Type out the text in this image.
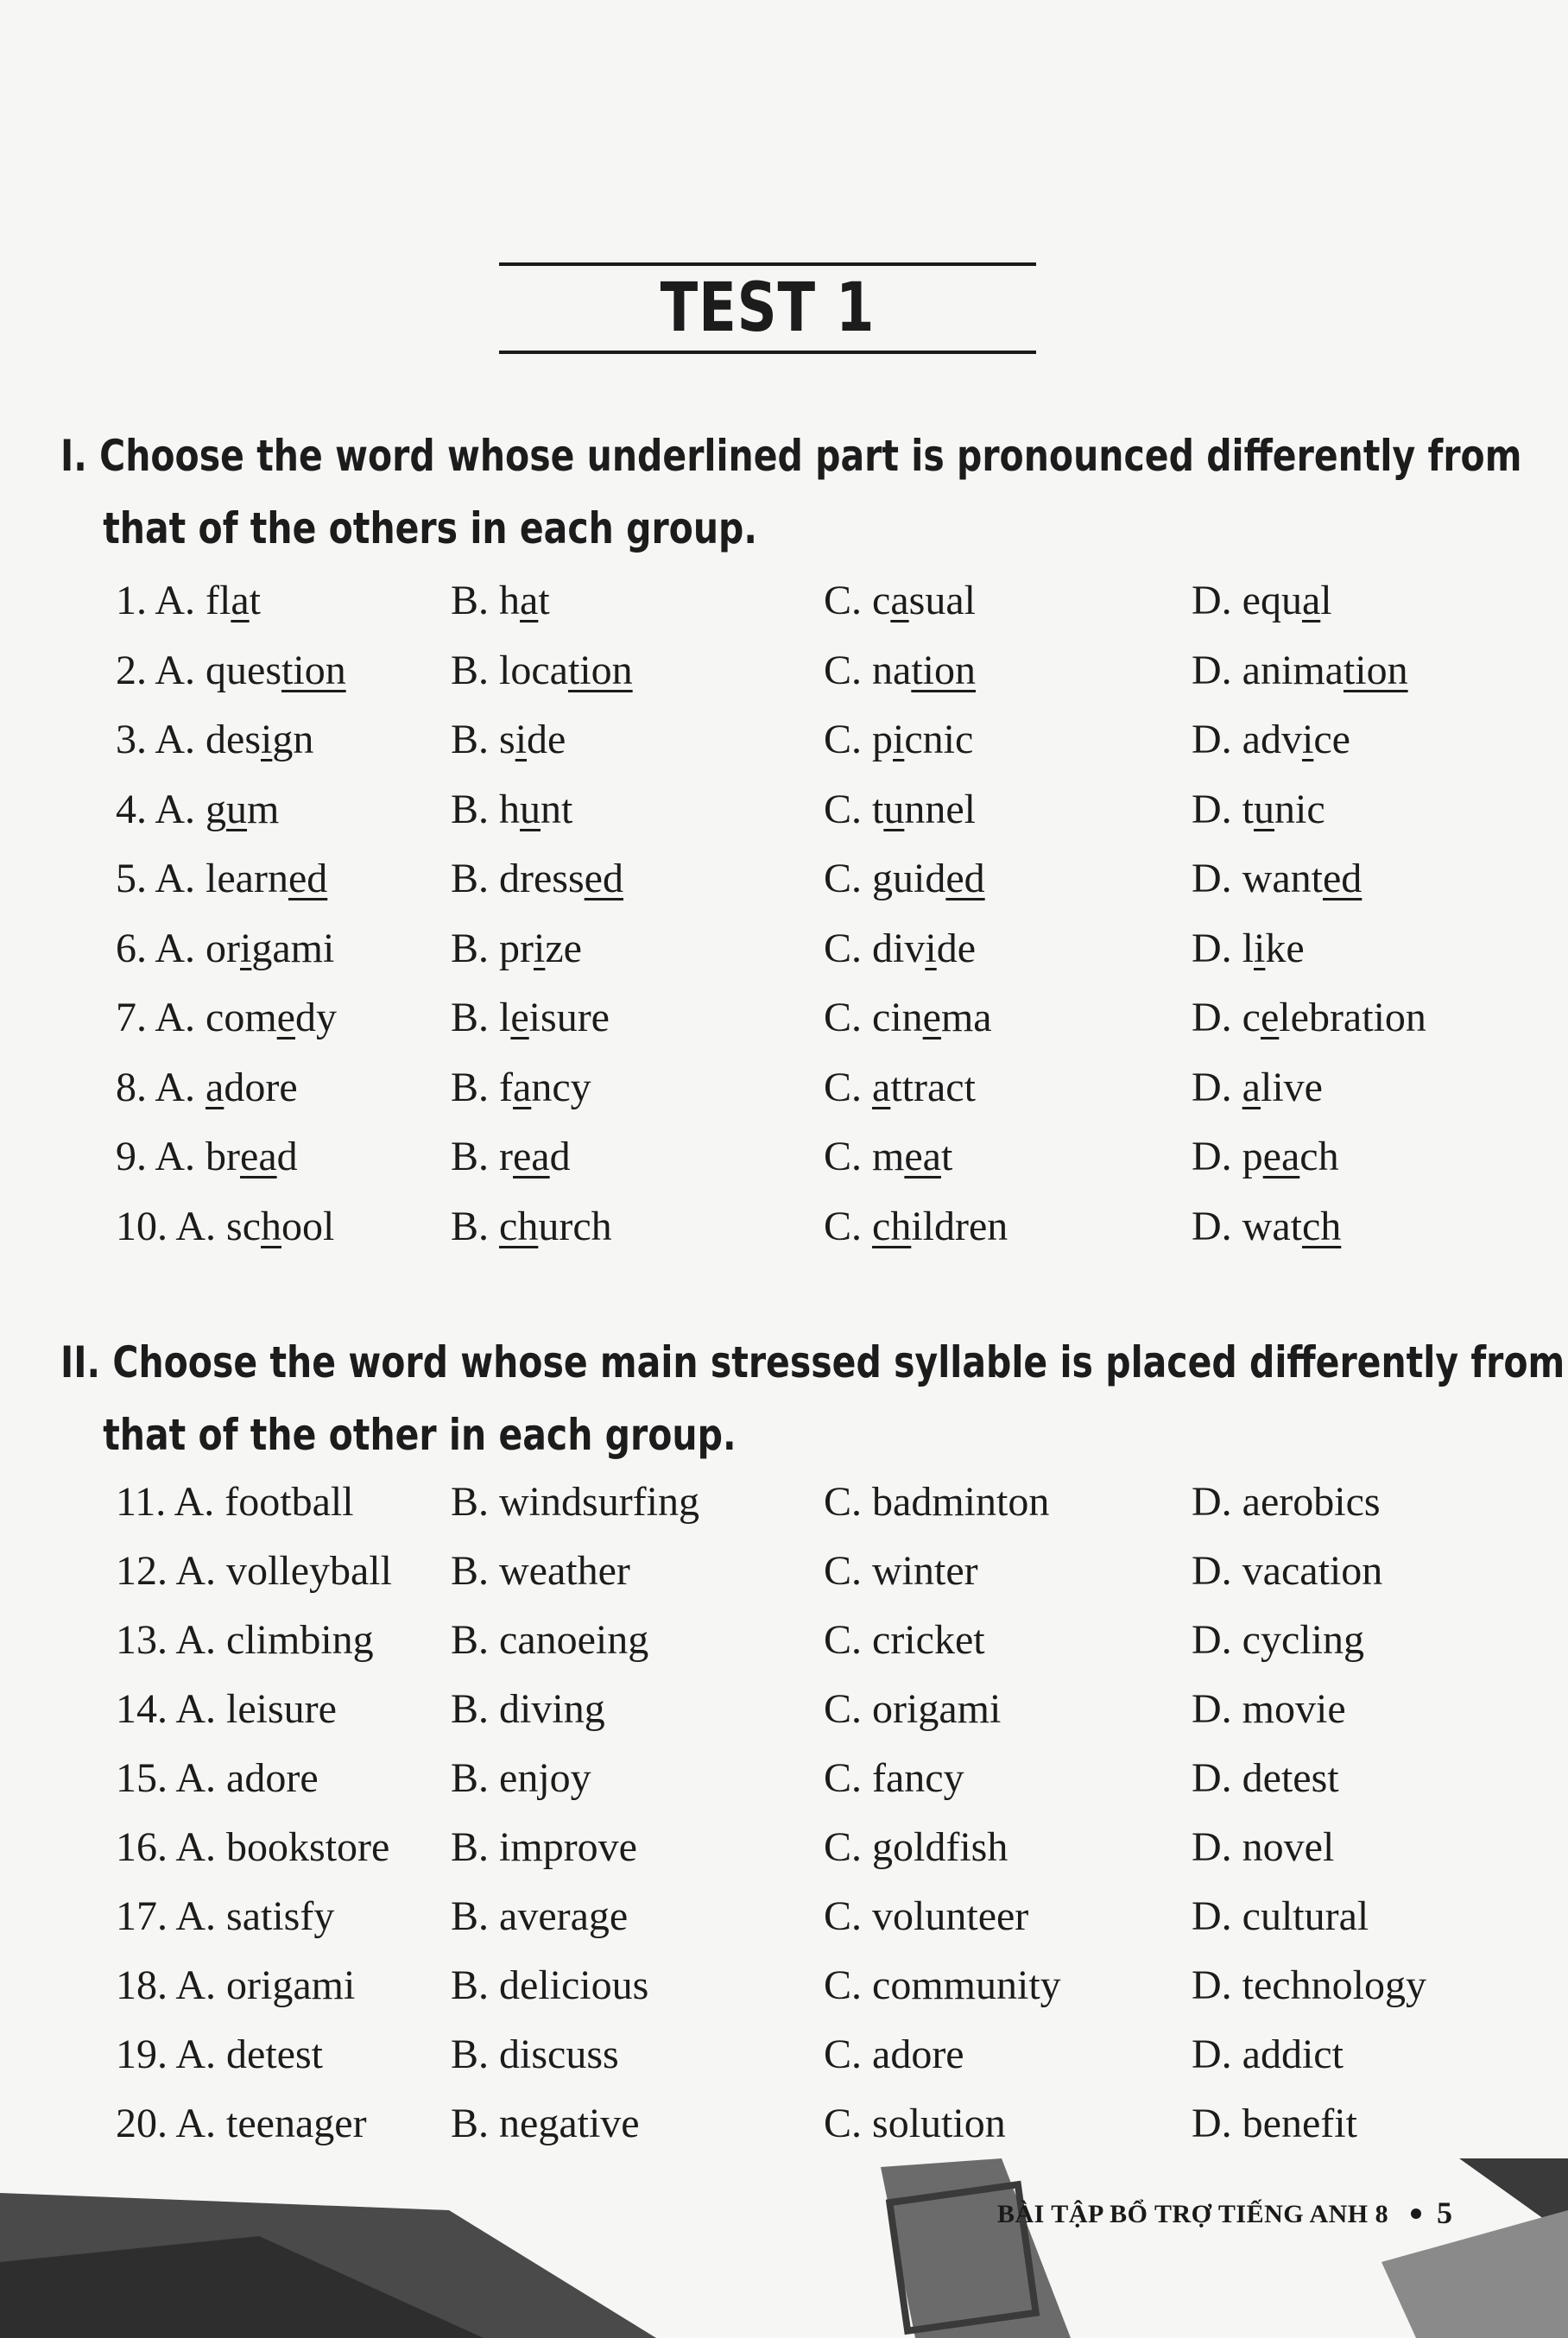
TEST 1
I. Choose the word whose underlined part is pronounced differently from
that of the others in each group.
1. A. flat	B. hat	C. casual	D. equal
2. A. question	B. location	C. nation	D. animation
3. A. design	B. side	C. picnic	D. advice
4. A. gum	B. hunt	C. tunnel	D. tunic
5. A. learned	B. dressed	C. guided	D. wanted
6. A. origami	B. prize	C. divide	D. like
7. A. comedy	B. leisure	C. cinema	D. celebration
8. A. adore	B. fancy	C. attract	D. alive
9. A. bread	B. read	C. meat	D. peach
10. A. school	B. church	C. children	D. watch
II. Choose the word whose main stressed syllable is placed differently from
that of the other in each group.
11. A. football B. windsurfing	C. badminton	D. aerobics
12. A. volleyball B. weather	C. winter	D. vacation
13. A. climbing B. canoeing	C. cricket	D. cycling
14. A. leisure	B. diving	C. origami	D. movie
15. A. adore	B. enjoy	C. fancy	D. detest
16. A. bookstore B. improve	C. goldfish	D. novel
17. A. satisfy	B. average	C. volunteer	D. cultural
18. A. origami B. delicious	C. community	D. technology
19. A. detest	B. discuss	C. adore	D. addict
20. A. teenager B. negative	C. solution	D. benefit
BÀI TẬP BỔ TRỢ TIẾNG ANH 8 5
